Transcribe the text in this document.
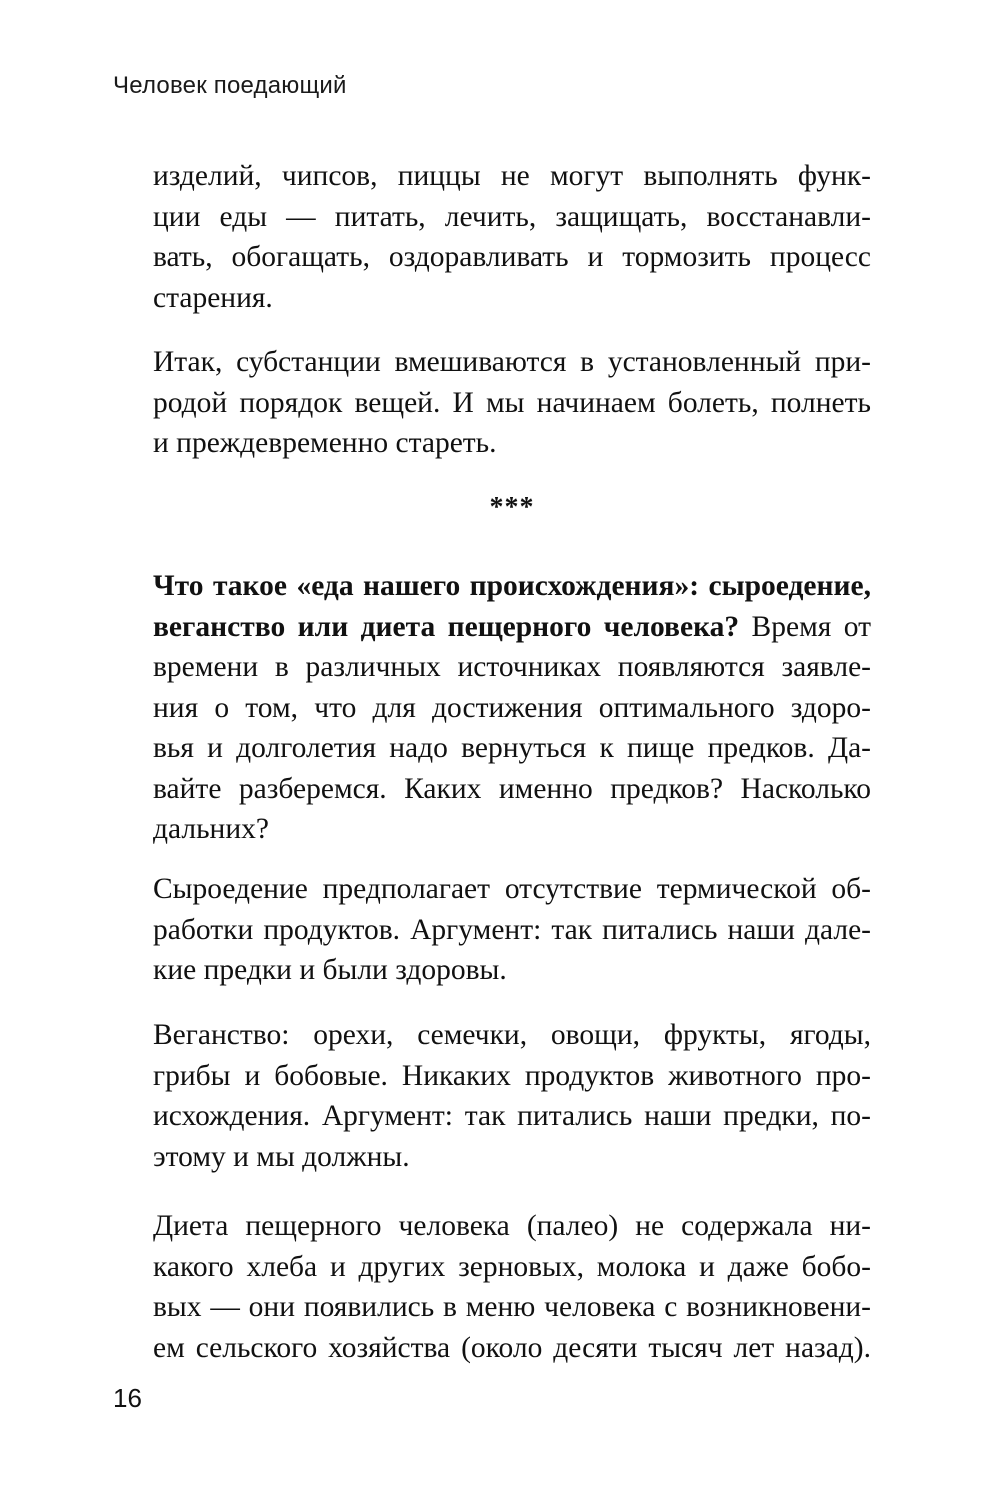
Человек поедающий
изделий, чипсов, пиццы не могут выполнять функ-
ции еды — питать, лечить, защищать, восстанавли-
вать, обогащать, оздоравливать и тормозить процесс
старения.
Итак, субстанции вмешиваются в установленный при-
родой порядок вещей. И мы начинаем болеть, полнеть
и преждевременно стареть.
***
Что такое «еда нашего происхождения»: сыроедение,
веганство или диета пещерного человека? Время от
времени в различных источниках появляются заявле-
ния о том, что для достижения оптимального здоро-
вья и долголетия надо вернуться к пище предков. Да-
вайте разберемся. Каких именно предков? Насколько
дальних?
Сыроедение предполагает отсутствие термической об-
работки продуктов. Аргумент: так питались наши дале-
кие предки и были здоровы.
Веганство: орехи, семечки, овощи, фрукты, ягоды,
грибы и бобовые. Никаких продуктов животного про-
исхождения. Аргумент: так питались наши предки, по-
этому и мы должны.
Диета пещерного человека (палео) не содержала ни-
какого хлеба и других зерновых, молока и даже бобо-
вых — они появились в меню человека с возникновени-
ем сельского хозяйства (около десяти тысяч лет назад).
16
